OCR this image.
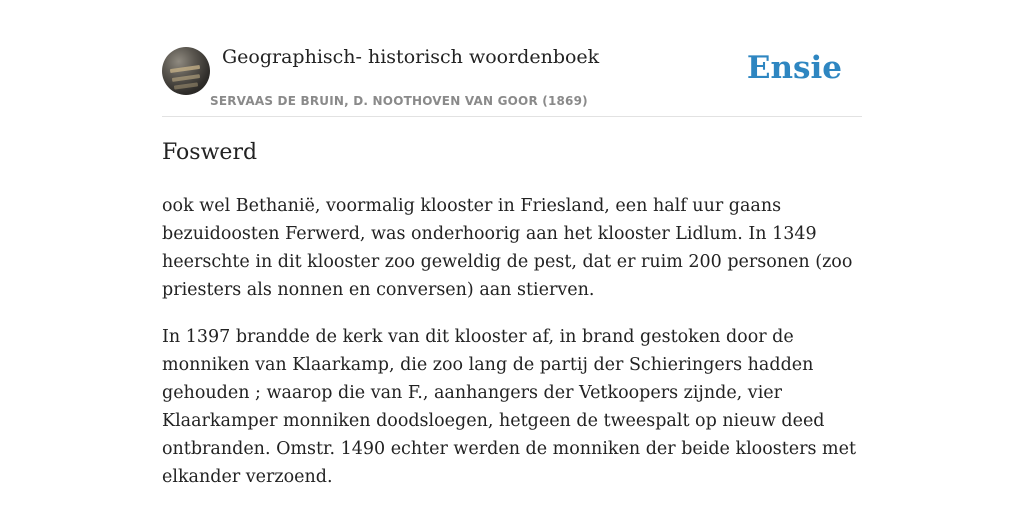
Geographisch- historisch woordenboek
SERVAAS DE BRUIN, D. NOOTHOVEN VAN GOOR (1869)
Ensie
Foswerd

ook wel Bethanië, voormalig klooster in Friesland, een half uur gaans bezuidoosten Ferwerd, was onderhoorig aan het klooster Lidlum. In 1349 heerschte in dit klooster zoo geweldig de pest, dat er ruim 200 personen (zoo priesters als nonnen en conversen) aan stierven.

In 1397 brandde de kerk van dit klooster af, in brand gestoken door de monniken van Klaarkamp, die zoo lang de partij der Schieringers hadden gehouden ; waarop die van F., aanhangers der Vetkoopers zijnde, vier Klaarkamper monniken doodsloegen, hetgeen de tweespalt op nieuw deed ontbranden. Omstr. 1490 echter werden de monniken der beide kloosters met elkander verzoend.
